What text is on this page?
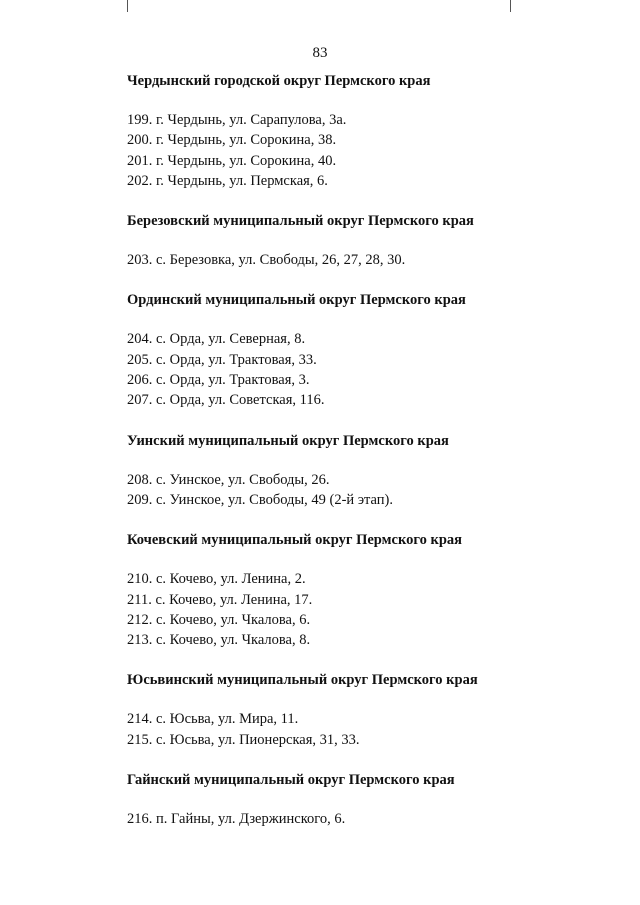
83
Чердынский городской округ Пермского края
199. г. Чердынь, ул. Сарапулова, 3а.
200. г. Чердынь, ул. Сорокина, 38.
201. г. Чердынь, ул. Сорокина, 40.
202. г. Чердынь, ул. Пермская, 6.
Березовский муниципальный округ Пермского края
203. с. Березовка, ул. Свободы, 26, 27, 28, 30.
Ординский муниципальный округ Пермского края
204. с. Орда, ул. Северная, 8.
205. с. Орда, ул. Трактовая, 33.
206. с. Орда, ул. Трактовая, 3.
207. с. Орда, ул. Советская, 116.
Уинский муниципальный округ Пермского края
208. с. Уинское, ул. Свободы, 26.
209. с. Уинское, ул. Свободы, 49 (2-й этап).
Кочевский муниципальный округ Пермского края
210. с. Кочево, ул. Ленина, 2.
211. с. Кочево, ул. Ленина, 17.
212. с. Кочево, ул. Чкалова, 6.
213. с. Кочево, ул. Чкалова, 8.
Юсьвинский муниципальный округ Пермского края
214. с. Юсьва, ул. Мира, 11.
215. с. Юсьва, ул. Пионерская, 31, 33.
Гайнский муниципальный округ Пермского края
216. п. Гайны, ул. Дзержинского, 6.
